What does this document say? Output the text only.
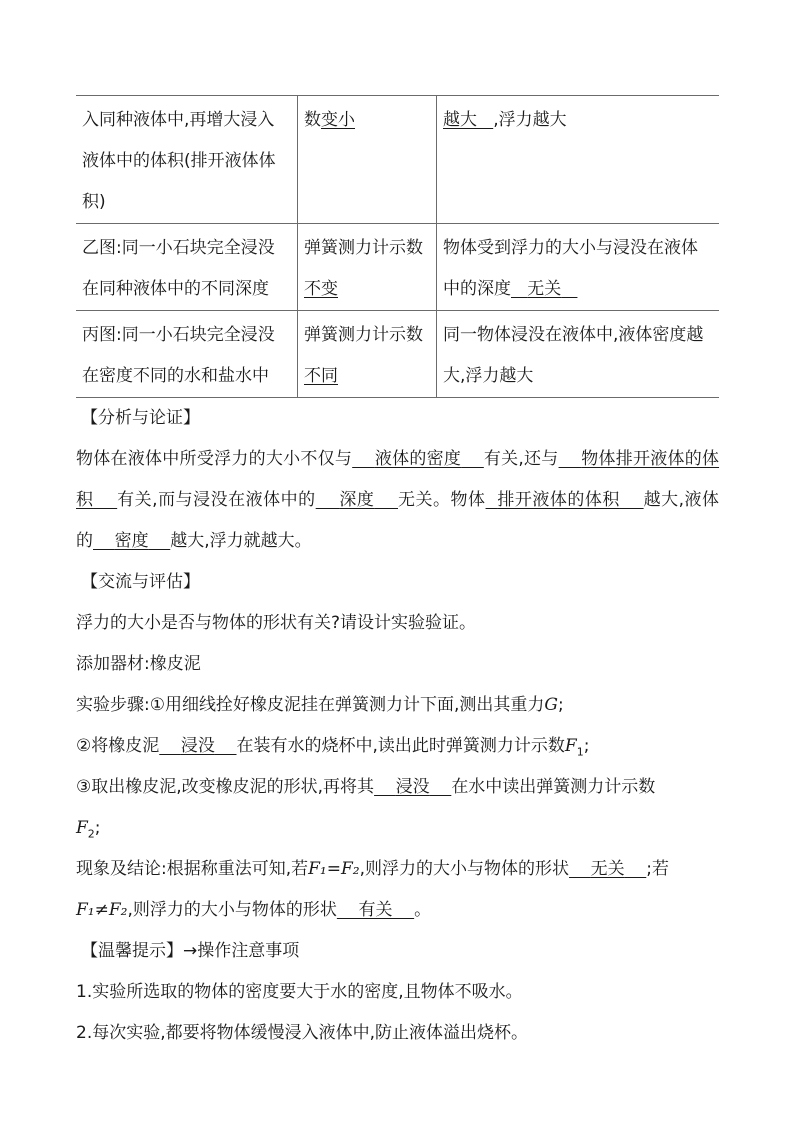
入同种液体中,再增大浸入液体中的体积(排开液体体积)	数变小	越大 ,浮力越大
乙图:同一小石块完全浸没在同种液体中的不同深度	弹簧测力计示数不变	物体受到浮力的大小与浸没在液体中的深度 无关
丙图:同一小石块完全浸没在密度不同的水和盐水中	弹簧测力计示数不同	同一物体浸没在液体中,液体密度越大,浮力越大

【分析与论证】

物体在液体中所受浮力的大小不仅与 液体的密度 有关,还与 物体排开液体的体积 有关,而与浸没在液体中的 深度 无关。物体 排开液体的体积 越大,液体的 密度 越大,浮力就越大。

【交流与评估】

浮力的大小是否与物体的形状有关?请设计实验验证。

添加器材:橡皮泥

实验步骤:①用细线拴好橡皮泥挂在弹簧测力计下面,测出其重力G;

②将橡皮泥 浸没 在装有水的烧杯中,读出此时弹簧测力计示数$F_1$;

③取出橡皮泥,改变橡皮泥的形状,再将其 浸没 在水中读出弹簧测力计示数
$F_2$;

现象及结论:根据称重法可知,若F₁=F₂,则浮力的大小与物体的形状 无关 ;若
F₁≠F₂,则浮力的大小与物体的形状 有关 。

【温馨提示】→操作注意事项

1.实验所选取的物体的密度要大于水的密度,且物体不吸水。

2.每次实验,都要将物体缓慢浸入液体中,防止液体溢出烧杯。
